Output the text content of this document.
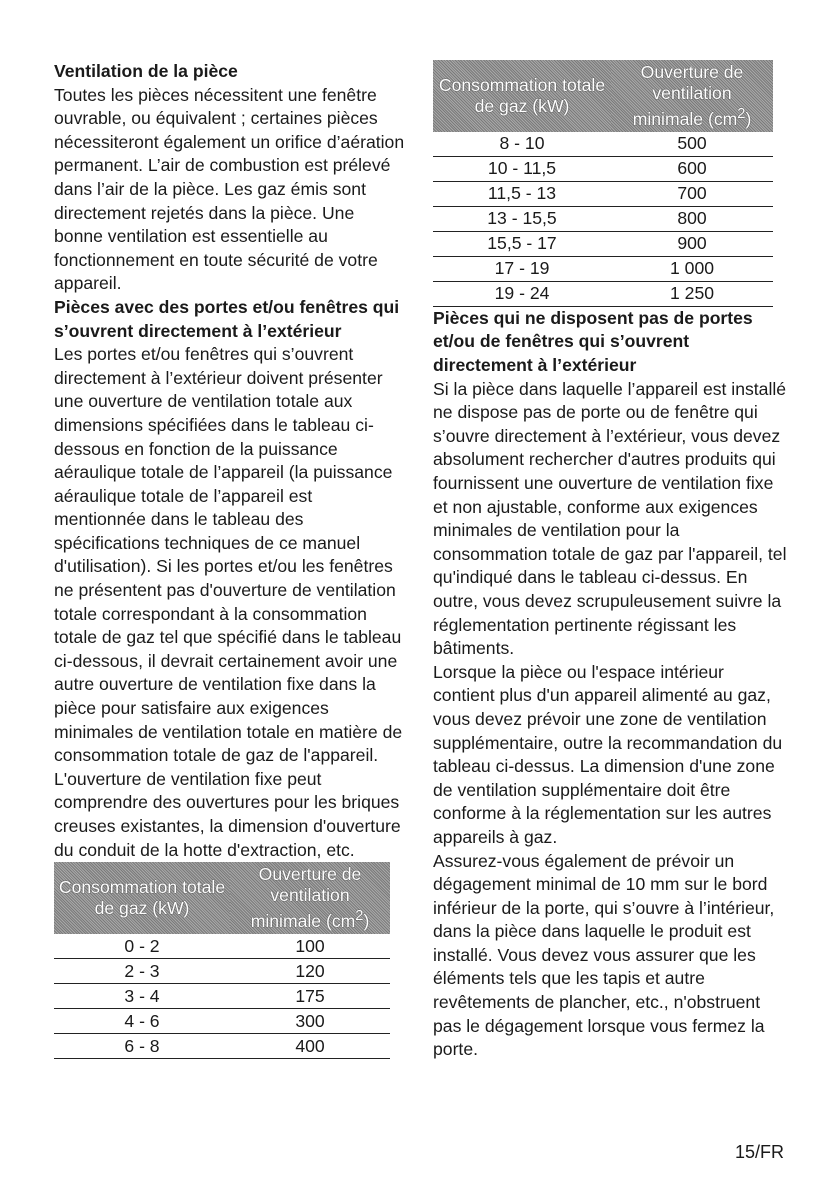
Ventilation de la pièce

Toutes les pièces nécessitent une fenêtre ouvrable, ou équivalent ; certaines pièces nécessiteront également un orifice d’aération permanent. L’air de combustion est prélevé dans l’air de la pièce. Les gaz émis sont directement rejetés dans la pièce. Une bonne ventilation est essentielle au fonctionnement en toute sécurité de votre appareil.

Pièces avec des portes et/ou fenêtres qui s’ouvrent directement à l’extérieur

Les portes et/ou fenêtres qui s’ouvrent directement à l’extérieur doivent présenter une ouverture de ventilation totale aux dimensions spécifiées dans le tableau ci-dessous en fonction de la puissance aéraulique totale de l’appareil (la puissance aéraulique totale de l’appareil est mentionnée dans le tableau des spécifications techniques de ce manuel d'utilisation). Si les portes et/ou les fenêtres ne présentent pas d'ouverture de ventilation totale correspondant à la consommation totale de gaz tel que spécifié dans le tableau ci-dessous, il devrait certainement avoir une autre ouverture de ventilation fixe dans la pièce pour satisfaire aux exigences minimales de ventilation totale en matière de consommation totale de gaz de l'appareil. L'ouverture de ventilation fixe peut comprendre des ouvertures pour les briques creuses existantes, la dimension d'ouverture du conduit de la hotte d'extraction, etc.

Consommation totale de gaz (kW)	Ouverture de ventilation minimale $(cm^2)$
0 - 2	100
2 - 3	120
3 - 4	175
4 - 6	300
6 - 8	400
Consommation totale de gaz (kW)	Ouverture de ventilation minimale $(cm^2)$
8 - 10	500
10 - 11,5	600
11,5 - 13	700
13 - 15,5	800
15,5 - 17	900
17 - 19	1 000
19 - 24	1 250

Pièces qui ne disposent pas de portes et/ou de fenêtres qui s’ouvrent directement à l’extérieur

Si la pièce dans laquelle l’appareil est installé ne dispose pas de porte ou de fenêtre qui s’ouvre directement à l’extérieur, vous devez absolument rechercher d'autres produits qui fournissent une ouverture de ventilation fixe et non ajustable, conforme aux exigences minimales de ventilation pour la consommation totale de gaz par l'appareil, tel qu'indiqué dans le tableau ci-dessus. En outre, vous devez scrupuleusement suivre la réglementation pertinente régissant les bâtiments.

Lorsque la pièce ou l'espace intérieur contient plus d'un appareil alimenté au gaz, vous devez prévoir une zone de ventilation supplémentaire, outre la recommandation du tableau ci-dessus. La dimension d'une zone de ventilation supplémentaire doit être conforme à la réglementation sur les autres appareils à gaz.

Assurez-vous également de prévoir un dégagement minimal de 10 mm sur le bord inférieur de la porte, qui s’ouvre à l’intérieur, dans la pièce dans laquelle le produit est installé. Vous devez vous assurer que les éléments tels que les tapis et autre revêtements de plancher, etc., n'obstruent pas le dégagement lorsque vous fermez la porte.

15/FR
